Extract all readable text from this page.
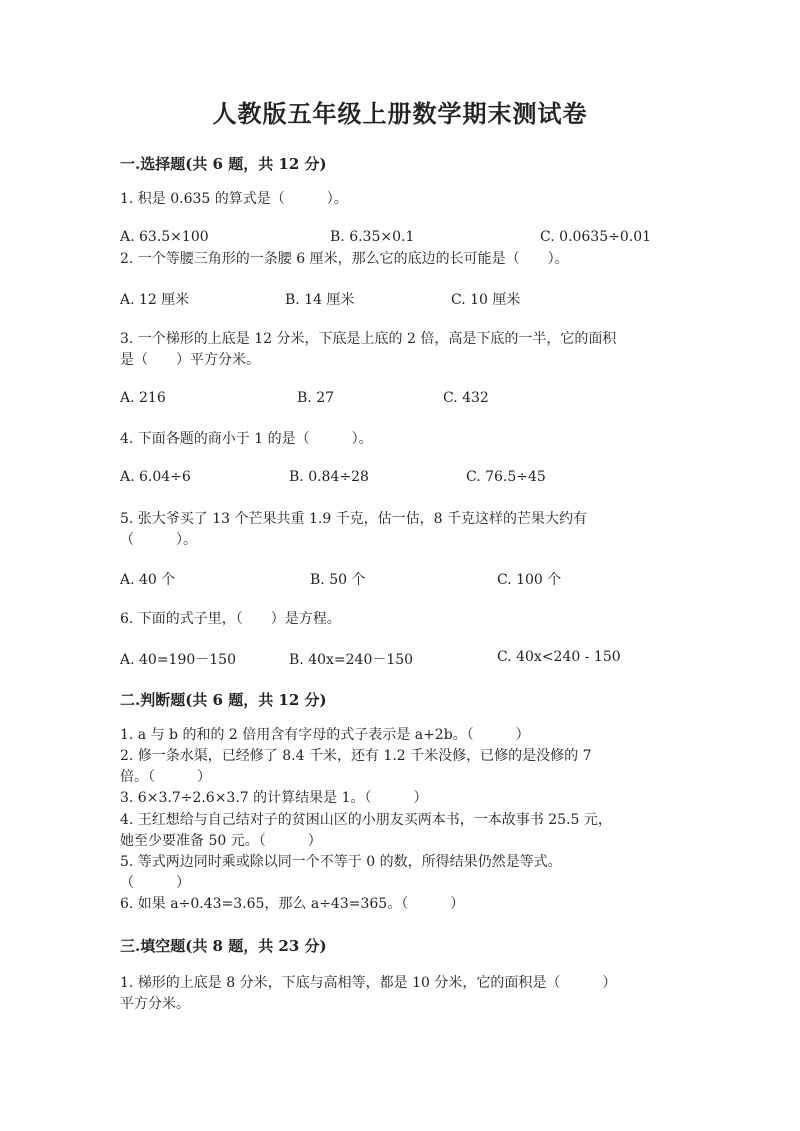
人教版五年级上册数学期末测试卷
一.选择题(共 6 题，共 12 分)
1. 积是 0.635 的算式是（　　　）。
A. 63.5×100	B. 6.35×0.1	C. 0.0635÷0.01
2. 一个等腰三角形的一条腰 6 厘米，那么它的底边的长可能是（　　）。
A. 12 厘米	B. 14 厘米	C. 10 厘米
3. 一个梯形的上底是 12 分米，下底是上底的 2 倍，高是下底的一半，它的面积
是（　　）平方分米。
A. 216	B. 27	C. 432
4. 下面各题的商小于 1 的是（　　　）。
A. 6.04÷6	B. 0.84÷28	C. 76.5÷45
5. 张大爷买了 13 个芒果共重 1.9 千克，估一估，8 千克这样的芒果大约有
（　　　）。
A. 40 个	B. 50 个	C. 100 个
6. 下面的式子里，（　　）是方程。
A. 40=190－150	B. 40x=240－150	C. 40x<240 - 150
二.判断题(共 6 题，共 12 分)
1. a 与 b 的和的 2 倍用含有字母的式子表示是 a+2b。（　　　）
2. 修一条水渠，已经修了 8.4 千米，还有 1.2 千米没修，已修的是没修的 7
倍。（　　　）
3. 6×3.7÷2.6×3.7 的计算结果是 1。（　　　）
4. 王红想给与自己结对子的贫困山区的小朋友买两本书，一本故事书 25.5 元，
她至少要准备 50 元。（　　　）
5. 等式两边同时乘或除以同一个不等于 0 的数，所得结果仍然是等式。
（　　　）
6. 如果 a÷0.43=3.65，那么 a÷43=365。（　　　）
三.填空题(共 8 题，共 23 分)
1. 梯形的上底是 8 分米，下底与高相等，都是 10 分米，它的面积是（　　　）
平方分米。
